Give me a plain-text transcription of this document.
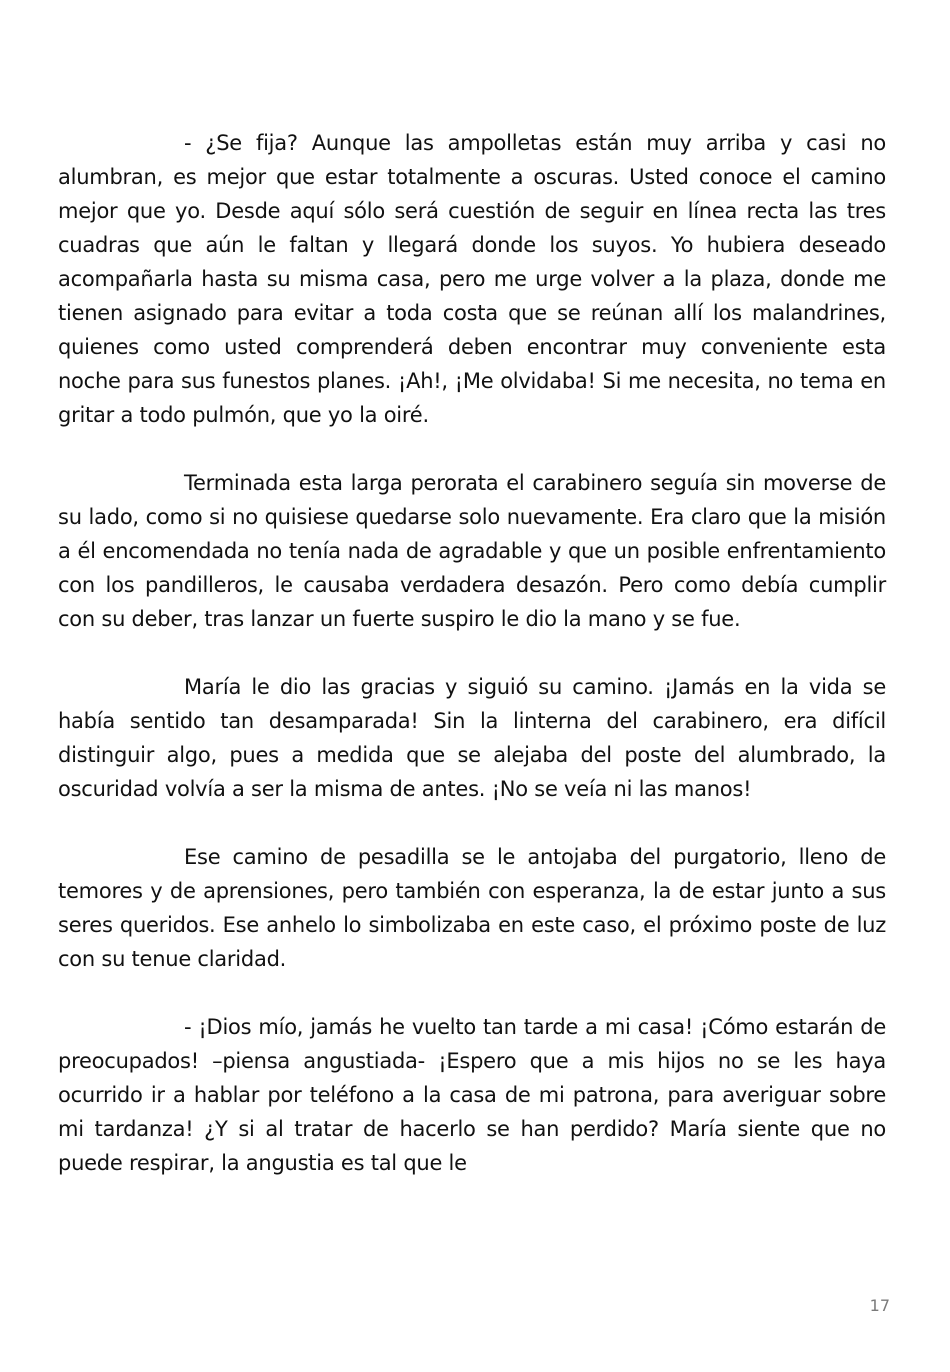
- ¿Se fija? Aunque las ampolletas están muy arriba y casi no alumbran, es mejor que estar totalmente a oscuras. Usted conoce el camino mejor que yo. Desde aquí sólo será cuestión de seguir en línea recta las tres cuadras que aún le faltan y llegará donde los suyos. Yo hubiera deseado acompañarla hasta su misma casa, pero me urge volver a la plaza, donde me tienen asignado para evitar a toda costa que se reúnan allí los malandrines, quienes como usted comprenderá deben encontrar muy conveniente esta noche para sus funestos planes. ¡Ah!, ¡Me olvidaba! Si me necesita, no tema en gritar a todo pulmón, que yo la oiré.

Terminada esta larga perorata el carabinero seguía sin moverse de su lado, como si no quisiese quedarse solo nuevamente. Era claro que la misión a él encomendada no tenía nada de agradable y que un posible enfrentamiento con los pandilleros, le causaba verdadera desazón. Pero como debía cumplir con su deber, tras lanzar un fuerte suspiro le dio la mano y se fue.

María le dio las gracias y siguió su camino. ¡Jamás en la vida se había sentido tan desamparada! Sin la linterna del carabinero, era difícil distinguir algo, pues a medida que se alejaba del poste del alumbrado, la oscuridad volvía a ser la misma de antes. ¡No se veía ni las manos!

Ese camino de pesadilla se le antojaba del purgatorio, lleno de temores y de aprensiones, pero también con esperanza, la de estar junto a sus seres queridos. Ese anhelo lo simbolizaba en este caso, el próximo poste de luz con su tenue claridad.

- ¡Dios mío, jamás he vuelto tan tarde a mi casa! ¡Cómo estarán de preocupados! –piensa angustiada- ¡Espero que a mis hijos no se les haya ocurrido ir a hablar por teléfono a la casa de mi patrona, para averiguar sobre mi tardanza! ¿Y si al tratar de hacerlo se han perdido? María siente que no puede respirar, la angustia es tal que le

17
